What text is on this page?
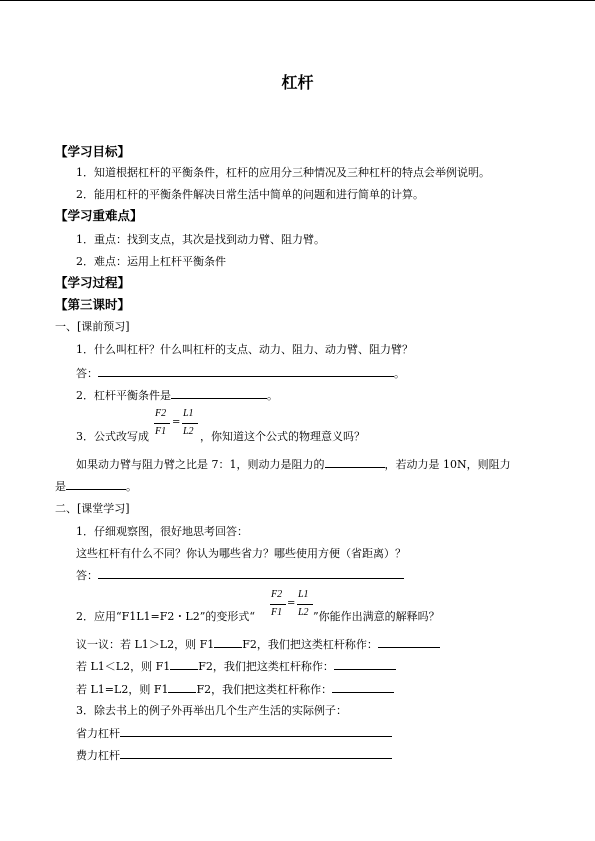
杠杆
【学习目标】
1．知道根据杠杆的平衡条件，杠杆的应用分三种情况及三种杠杆的特点会举例说明。
2．能用杠杆的平衡条件解决日常生活中简单的问题和进行简单的计算。
【学习重难点】
1．重点：找到支点，其次是找到动力臂、阻力臂。
2．难点：运用上杠杆平衡条件
【学习过程】
【第三课时】
一、[课前预习]
1．什么叫杠杆？什么叫杠杆的支点、动力、阻力、动力臂、阻力臂？
答：	。
2．杠杆平衡条件是	。
3．公式改写成
F2
F1
=
L1
L2 ，你知道这个公式的物理意义吗？
如果动力臂与阻力臂之比是 7：1，则动力是阻力的	，若动力是 10N，则阻力
是	。
二、[课堂学习]
1．仔细观察图，很好地思考回答：
这些杠杆有什么不同？你认为哪些省力？哪些使用方便（省距离）？
答：
2．应用“F1L1=F2・L2”的变形式“
F2
F1
=
L1
L2 ”你能作出满意的解释吗？
议一议：若 L1＞L2，则 F1	F2，我们把这类杠杆称作：
若 L1＜L2，则 F1	F2，我们把这类杠杆称作：
若 L1=L2，则 F1	F2，我们把这类杠杆称作：
3．除去书上的例子外再举出几个生产生活的实际例子：
省力杠杆
费力杠杆
